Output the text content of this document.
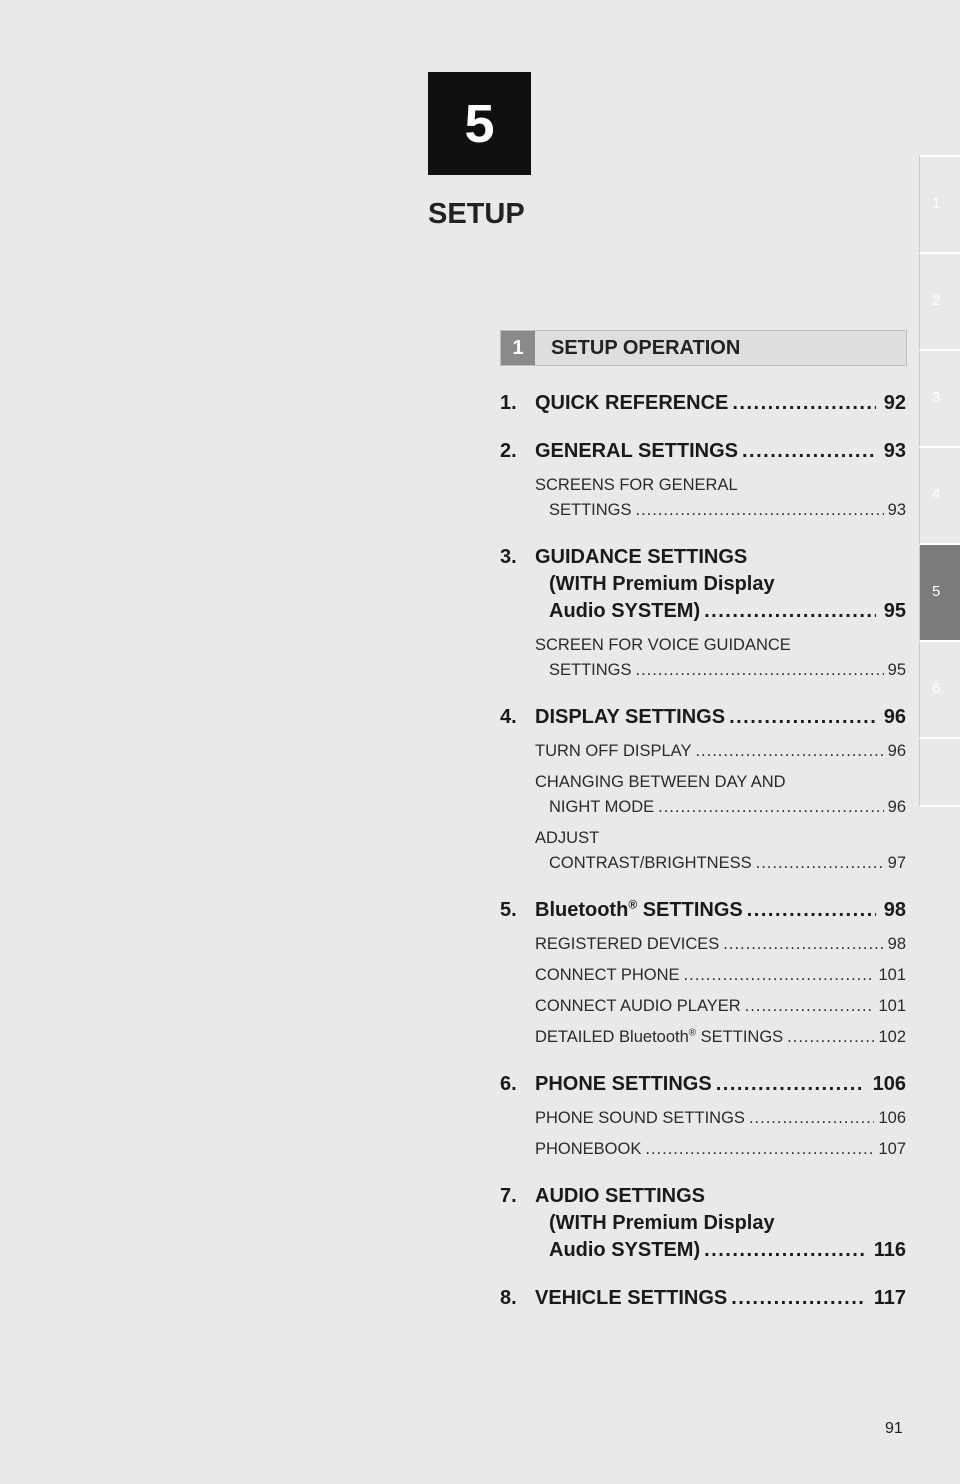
5
SETUP	1
2
3
4
5
6
1	SETUP OPERATION
1. QUICK REFERENCE .....	92
2. GENERAL SETTINGS .....	93
SCREENS FOR GENERAL
SETTINGS .....	93
3. GUIDANCE SETTINGS
(WITH Premium Display
Audio SYSTEM) .....	95
SCREEN FOR VOICE GUIDANCE
SETTINGS .....	95
4. DISPLAY SETTINGS .....	96
TURN OFF DISPLAY .....	96
CHANGING BETWEEN DAY AND
NIGHT MODE .....	96
ADJUST
CONTRAST/BRIGHTNESS .....	97
5. Bluetooth® SETTINGS .....	98
REGISTERED DEVICES .....	98
CONNECT PHONE .....	101
CONNECT AUDIO PLAYER .....	101
DETAILED Bluetooth® SETTINGS .....	102
6. PHONE SETTINGS .....	106
PHONE SOUND SETTINGS .....	106
PHONEBOOK .....	107
7. AUDIO SETTINGS
(WITH Premium Display
Audio SYSTEM) .....	116
8. VEHICLE SETTINGS .....	117
91
